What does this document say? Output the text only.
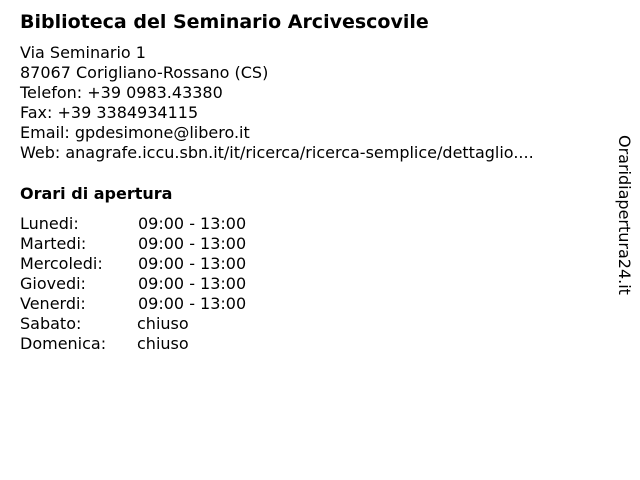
Biblioteca del Seminario Arcivescovile
Via Seminario 1
87067 Corigliano-Rossano (CS)
Telefon: +39 0983.43380
Fax: +39 3384934115
Email: gpdesimone@libero.it
Web: anagrafe.iccu.sbn.it/it/ricerca/ricerca-semplice/dettaglio....
Orari di apertura
Lunedi:	09:00 - 13:00
Martedi:	09:00 - 13:00
Mercoledi: 09:00 - 13:00
Giovedi:	09:00 - 13:00
Venerdi:	09:00 - 13:00
Sabato:	chiuso
Domenica: chiuso
Oraridiapertura24.it
